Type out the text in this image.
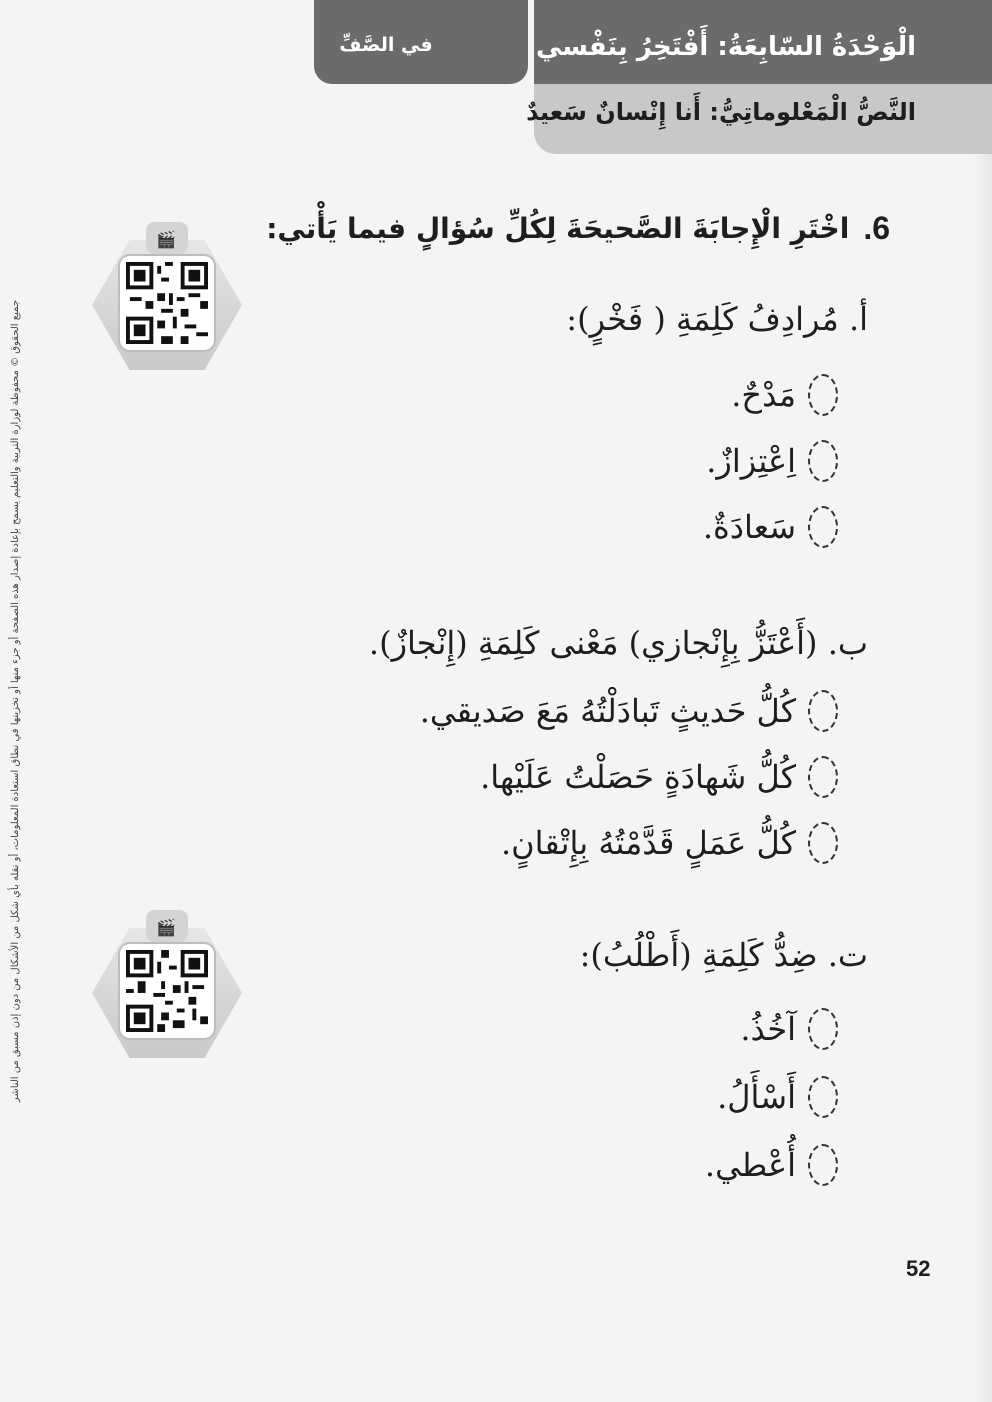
الْوَحْدَةُ السّابِعَةُ: أَفْتَخِرُ بِنَفْسي
في الصَّفِّ
النَّصُّ الْمَعْلوماتِيُّ: أَنا إِنْسانٌ سَعيدٌ
جميع الحقوق © محفوظة لوزارة التربية والتعليم يسمح بإعادة إصدار هذه الصفحة أو جزء منها أو تخزينها في نطاق استعادة المعلومات، أو نقله بأي شكل من الأشكال من دون إذن مسبق من الناشر
🎬
🎬
6.
اخْتَرِ الْإِجابَةَ الصَّحيحَةَ لِكُلِّ سُؤالٍ فيما يَأْتي:
أ. مُرادِفُ كَلِمَةِ ( فَخْرٍ):
مَدْحٌ.
اِعْتِزازٌ.
سَعادَةٌ.
ب. (أَعْتَزُّ بِإِنْجازي) مَعْنى كَلِمَةِ (إِنْجازٌ).
كُلُّ حَديثٍ تَبادَلْتُهُ مَعَ صَديقي.
كُلُّ شَهادَةٍ حَصَلْتُ عَلَيْها.
كُلُّ عَمَلٍ قَدَّمْتُهُ بِإِتْقانٍ.
ت. ضِدُّ كَلِمَةِ (أَطْلُبُ):
آخُذُ.
أَسْأَلُ.
أُعْطي.
52
